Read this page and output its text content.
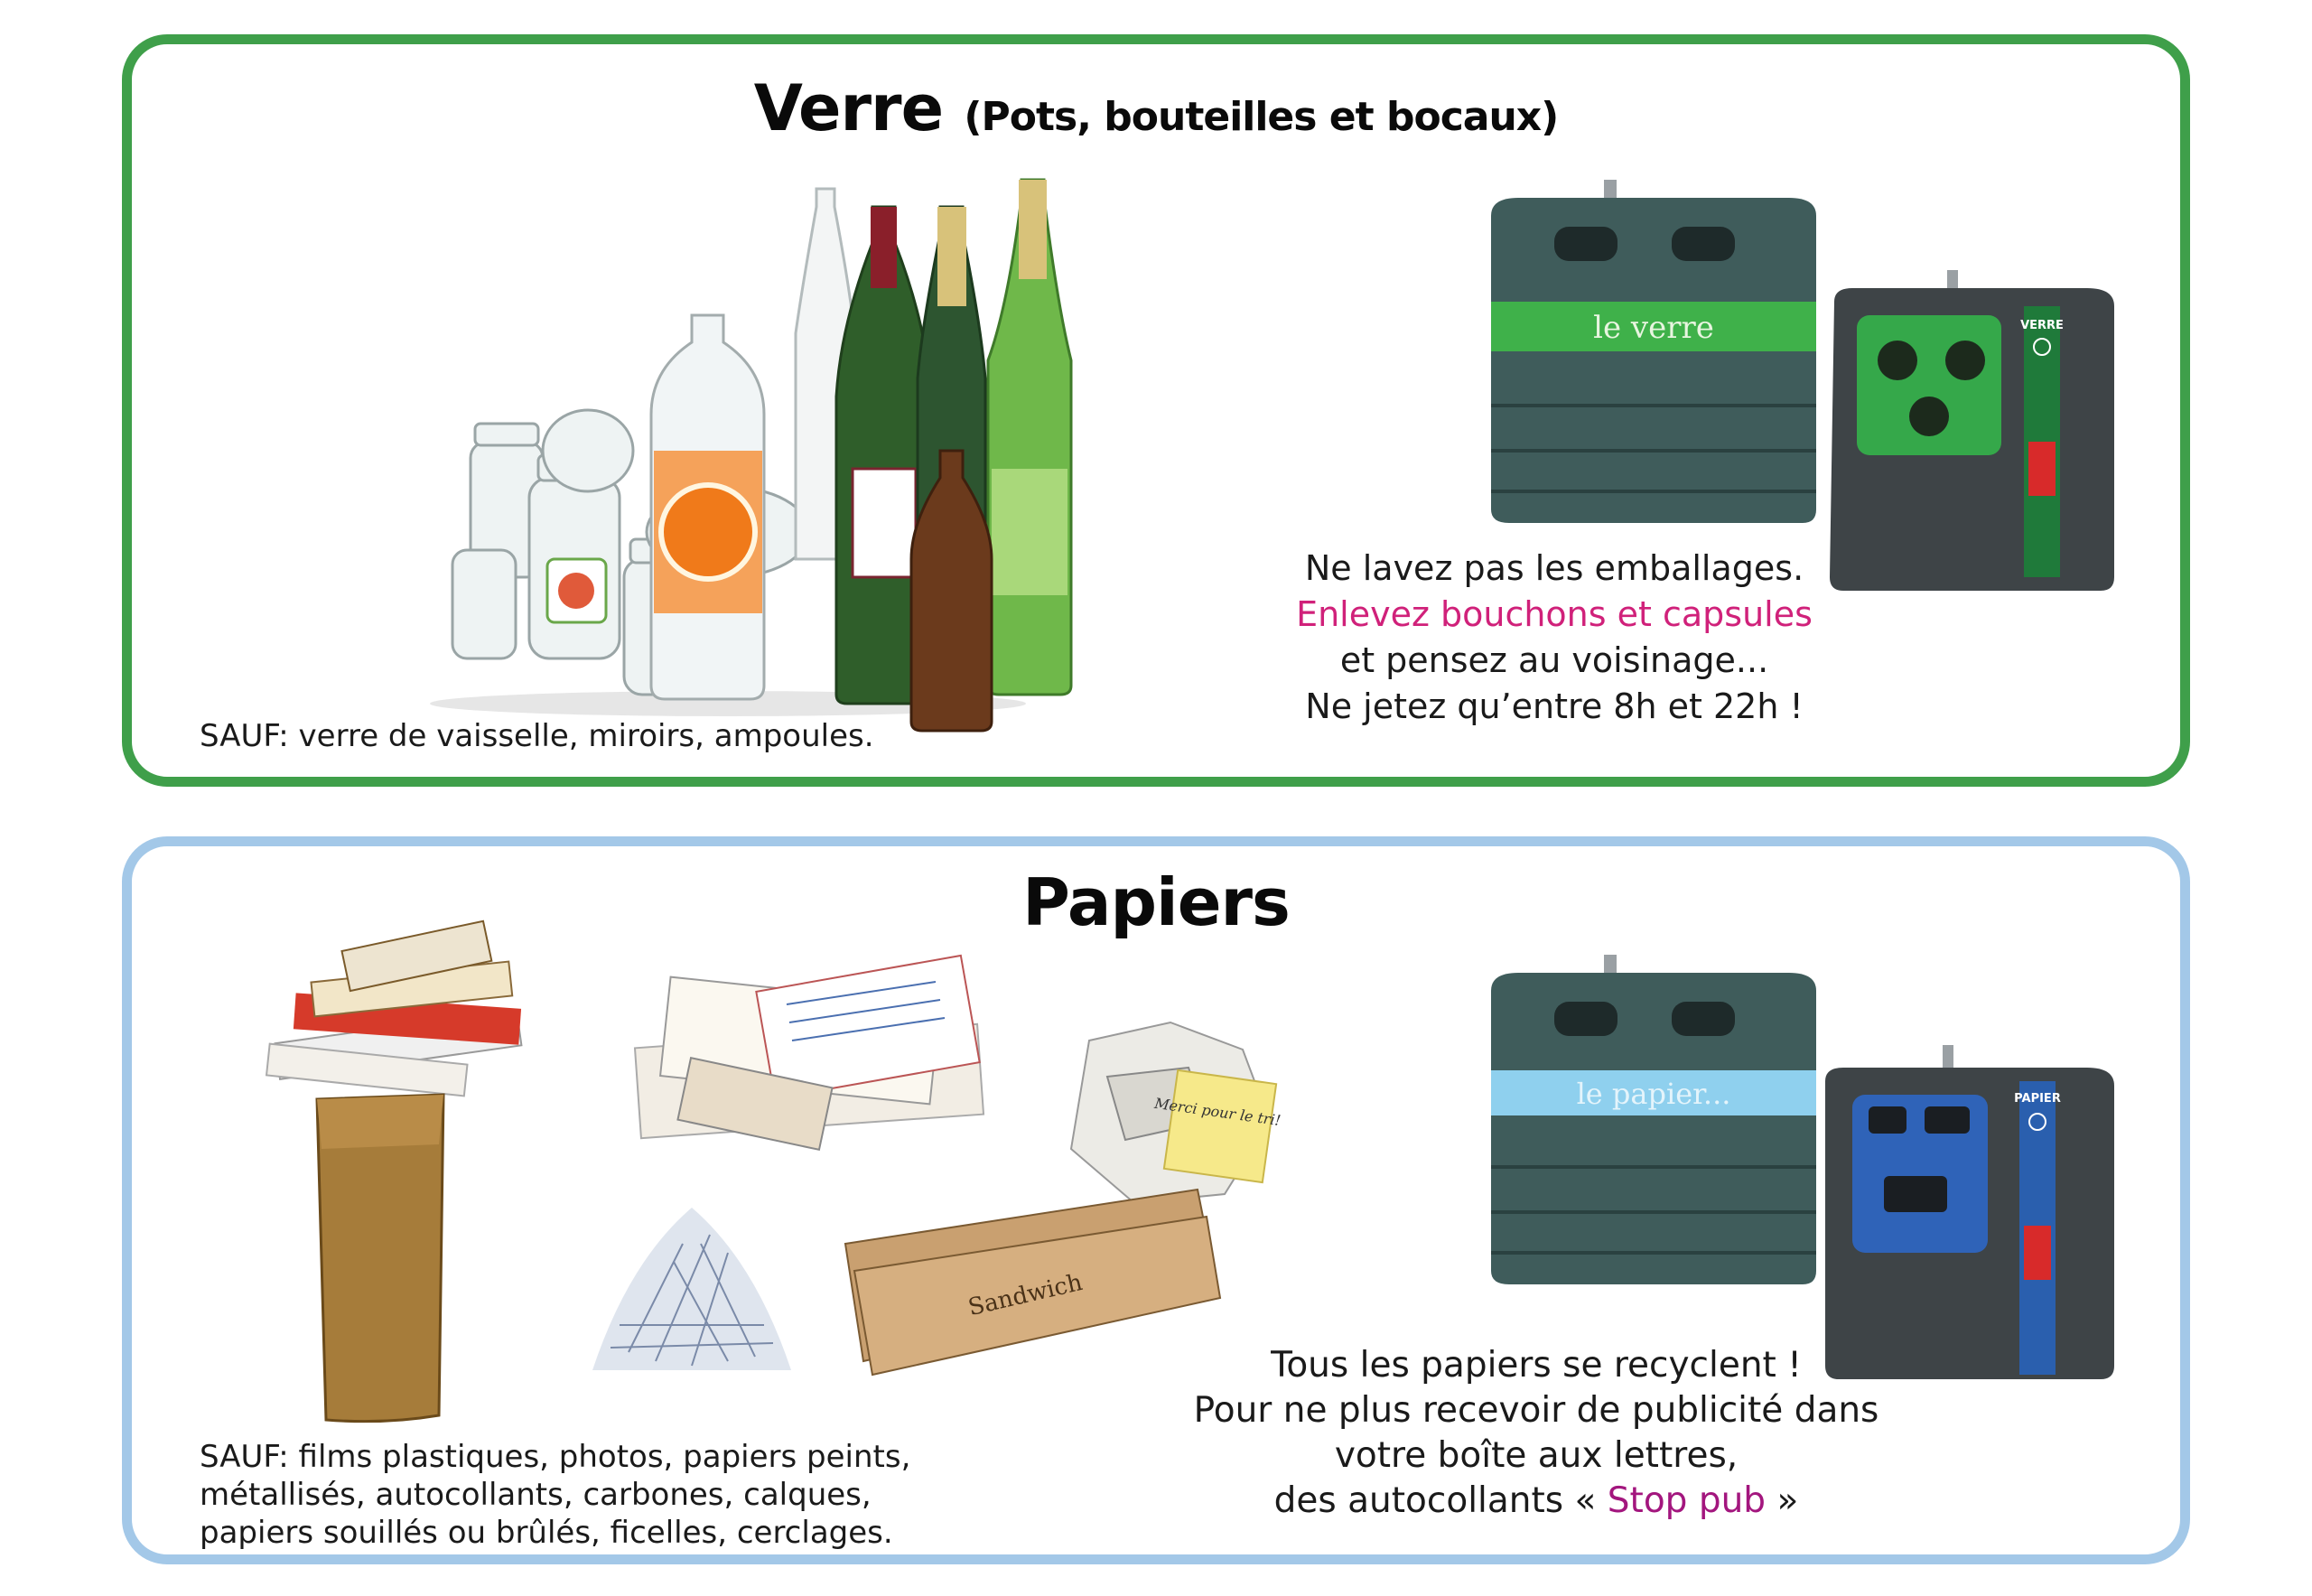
Verre (Pots, bouteilles et bocaux)
le verre	VERRE
Ne lavez pas les emballages.
Enlevez bouchons et capsules
et pensez au voisinage...
Ne jetez qu’entre 8h et 22h !
SAUF: verre de vaisselle, miroirs, ampoules.
Papiers
Merci pour le tri!
Sandwich
le papier...	PAPIER
Tous les papiers se recyclent !
Pour ne plus recevoir de publicité dans
votre boîte aux lettres,
des autocollants « Stop pub »
SAUF: films plastiques, photos, papiers peints,
métallisés, autocollants, carbones, calques,
papiers souillés ou brûlés, ficelles, cerclages.
